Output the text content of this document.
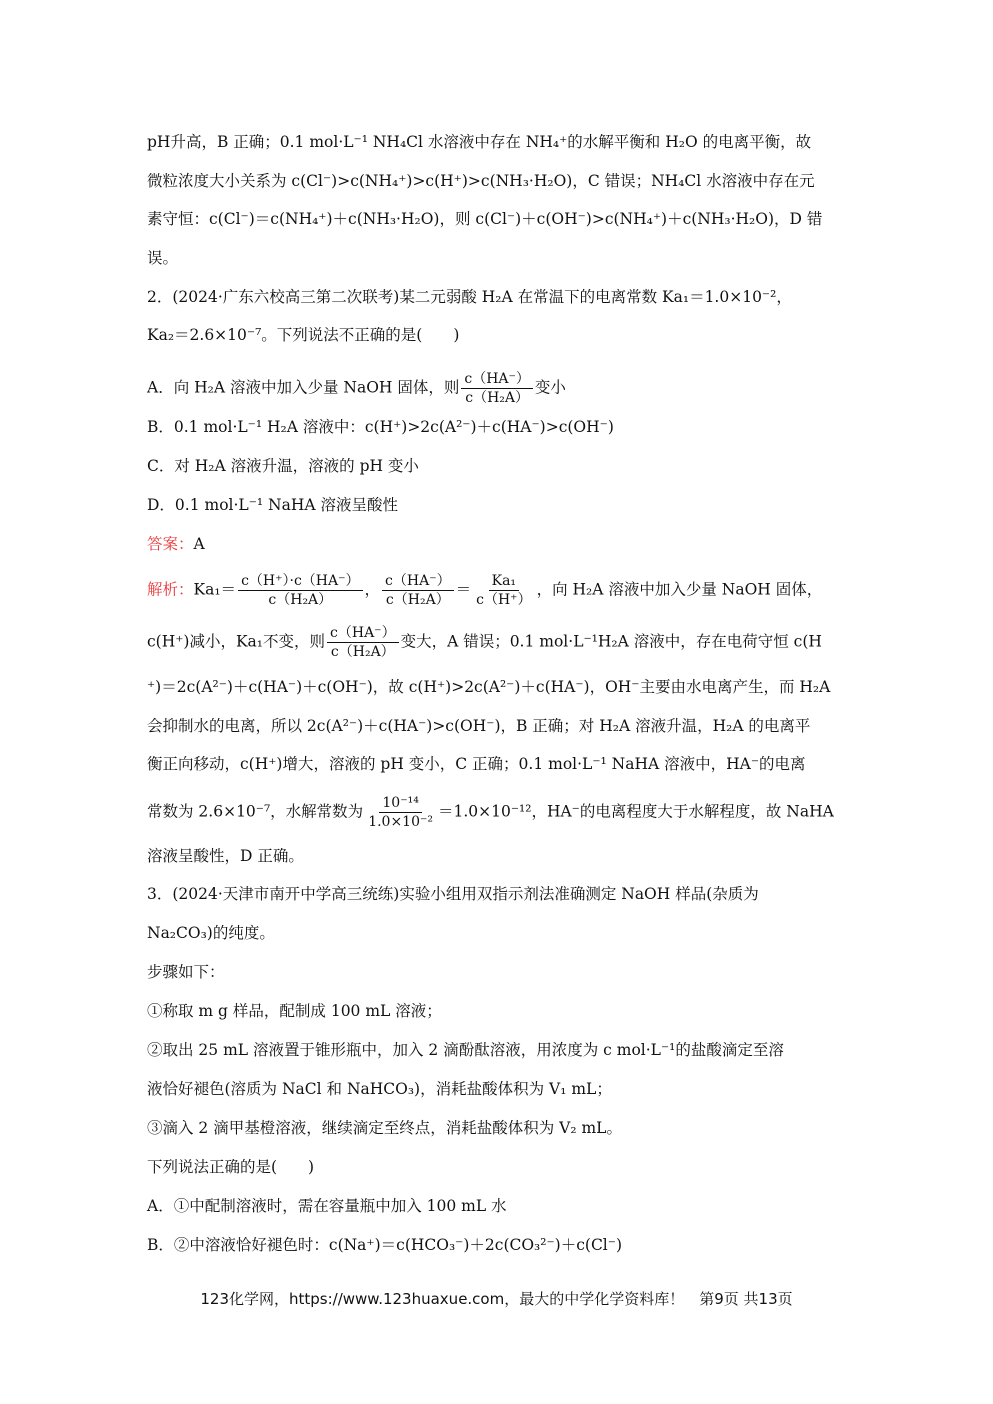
pH升高，B 正确；0.1 mol·L⁻¹ NH₄Cl 水溶液中存在 NH₄⁺的水解平衡和 H₂O 的电离平衡，故
微粒浓度大小关系为 c(Cl⁻)>c(NH₄⁺)>c(H⁺)>c(NH₃·H₂O)，C 错误；NH₄Cl 水溶液中存在元
素守恒：c(Cl⁻)＝c(NH₄⁺)＋c(NH₃·H₂O)，则 c(Cl⁻)＋c(OH⁻)>c(NH₄⁺)＋c(NH₃·H₂O)，D 错
误。
2．(2024·广东六校高三第二次联考)某二元弱酸 H₂A 在常温下的电离常数 Ka₁＝1.0×10⁻²，
Ka₂＝2.6×10⁻⁷。下列说法不正确的是(　　)
A．向 H₂A 溶液中加入少量 NaOH 固体，则 $\frac{c(HA^-)}{\text{c（H₂A）}}$ 变小
B．0.1 mol·L⁻¹ H₂A 溶液中：c(H⁺)>2c(A²⁻)＋c(HA⁻)>c(OH⁻)
C．对 H₂A 溶液升温，溶液的 pH 变小
D．0.1 mol·L⁻¹ NaHA 溶液呈酸性
答案：A
解析：$Ka_1= \frac{c(H^+)\cdot c(HA^-)}{\text{c（H₂A）}}$ ， $\frac{c(HA^-)}{\text{c（H₂A）}} = \frac{\text{Ka₁}}{c(H^+)}$ ，向 H₂A 溶液中加入少量 NaOH 固体，
c(H⁺)减小，Ka₁不变，则 $\frac{c(HA^-)}{\text{c（H₂A）}}$ 变大，A 错误；0.1 mol·L⁻¹H₂A 溶液中，存在电荷守恒 c(H
⁺)＝2c(A²⁻)＋c(HA⁻)＋c(OH⁻)，故 c(H⁺)>2c(A²⁻)＋c(HA⁻)，OH⁻主要由水电离产生，而 H₂A
会抑制水的电离，所以 2c(A²⁻)＋c(HA⁻)>c(OH⁻)，B 正确；对 H₂A 溶液升温，H₂A 的电离平
衡正向移动，c(H⁺)增大，溶液的 pH 变小，C 正确；0.1 mol·L⁻¹ NaHA 溶液中，HA⁻的电离
常数为 2.6×10⁻⁷，水解常数为 $\frac{\text{10⁻¹⁴}}{\text{1.0×10⁻²}} =1.0\times 10^{-12}$，HA⁻的电离程度大于水解程度，故 NaHA
溶液呈酸性，D 正确。
3．(2024·天津市南开中学高三统练)实验小组用双指示剂法准确测定 NaOH 样品(杂质为
Na₂CO₃)的纯度。
步骤如下：
①称取 m g 样品，配制成 100 mL 溶液；
②取出 25 mL 溶液置于锥形瓶中，加入 2 滴酚酞溶液，用浓度为 c mol·L⁻¹的盐酸滴定至溶
液恰好褪色(溶质为 NaCl 和 NaHCO₃)，消耗盐酸体积为 V₁ mL；
③滴入 2 滴甲基橙溶液，继续滴定至终点，消耗盐酸体积为 V₂ mL。
下列说法正确的是(　　)
A．①中配制溶液时，需在容量瓶中加入 100 mL 水
B．②中溶液恰好褪色时：c(Na⁺)＝c(HCO₃⁻)＋2c(CO₃²⁻)＋c(Cl⁻)
123化学网，https://www.123huaxue.com，最大的中学化学资料库！　第9页 共13页
